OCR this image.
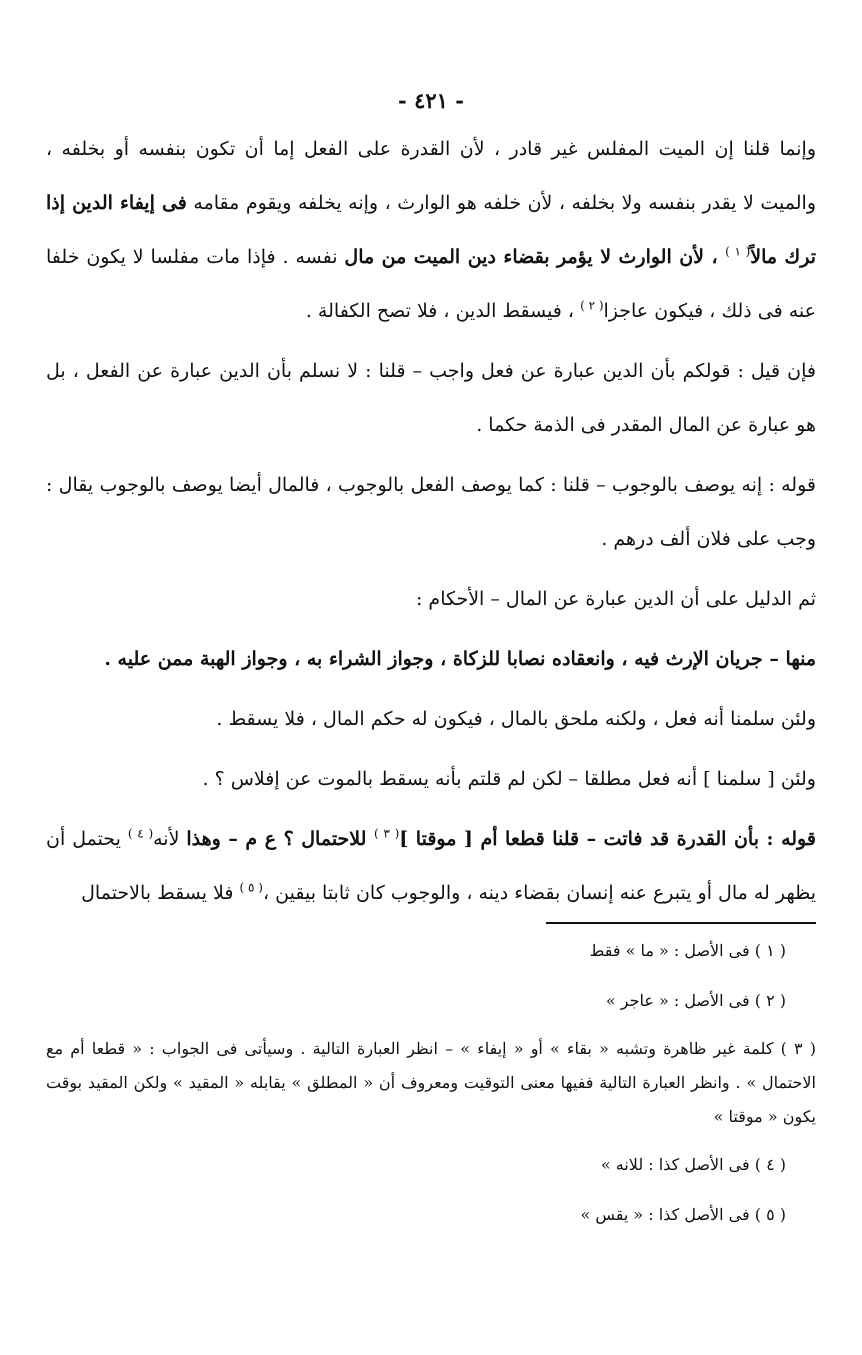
- ٤٢١ -

وإنما قلنا إن الميت المفلس غير قادر ، لأن القدرة على الفعل إما أن تكون بنفسه أو بخلفه ، والميت لا يقدر بنفسه ولا بخلفه ، لأن خلفه هو الوارث ، وإنه يخلفه ويقوم مقامه فى إيفاء الدين إذا ترك مالاً$^{( ١ )}$ ، لأن الوارث لا يؤمر بقضاء دين الميت من مال نفسه . فإذا مات مفلسا لا يكون خلفا عنه فى ذلك ، فيكون عاجزا$^{( ٢ )}$ ، فيسقط الدين ، فلا تصح الكفالة .

فإن قيل : قولكم بأن الدين عبارة عن فعل واجب – قلنا : لا نسلم بأن الدين عبارة عن الفعل ، بل هو عبارة عن المال المقدر فى الذمة حكما .

قوله : إنه يوصف بالوجوب – قلنا : كما يوصف الفعل بالوجوب ، فالمال أيضا يوصف بالوجوب يقال : وجب على فلان ألف درهم .

ثم الدليل على أن الدين عبارة عن المال – الأحكام :

منها – جريان الإرث فيه ، وانعقاده نصابا للزكاة ، وجواز الشراء به ، وجواز الهبة ممن عليه .

ولئن سلمنا أنه فعل ، ولكنه ملحق بالمال ، فيكون له حكم المال ، فلا يسقط .

ولئن [ سلمنا ] أنه فعل مطلقا – لكن لم قلتم بأنه يسقط بالموت عن إفلاس ؟ .

قوله : بأن القدرة قد فاتت – قلنا قطعا أم [ موقتا ]$^{( ٣ )}$ للاحتمال ؟ ع م – وهذا لأنه$^{( ٤ )}$ يحتمل أن يظهر له مال أو يتبرع عنه إنسان بقضاء دينه ، والوجوب كان ثابتا بيقين ،$^{( ٥ )}$ فلا يسقط بالاحتمال

( ١ ) فى الأصل : « ما » فقط

( ٢ ) فى الأصل : « عاجر »

( ٣ ) كلمة غير ظاهرة وتشبه « بقاء » أو « إيفاء » – انظر العبارة التالية . وسيأتى فى الجواب : « قطعا أم مع الاحتمال » . وانظر العبارة التالية ففيها معنى التوقيت ومعروف أن « المطلق » يقابله « المقيد » ولكن المقيد بوقت يكون « موقتا »

( ٤ ) فى الأصل كذا : للانه »

( ٥ ) فى الأصل كذا : « يقس »
